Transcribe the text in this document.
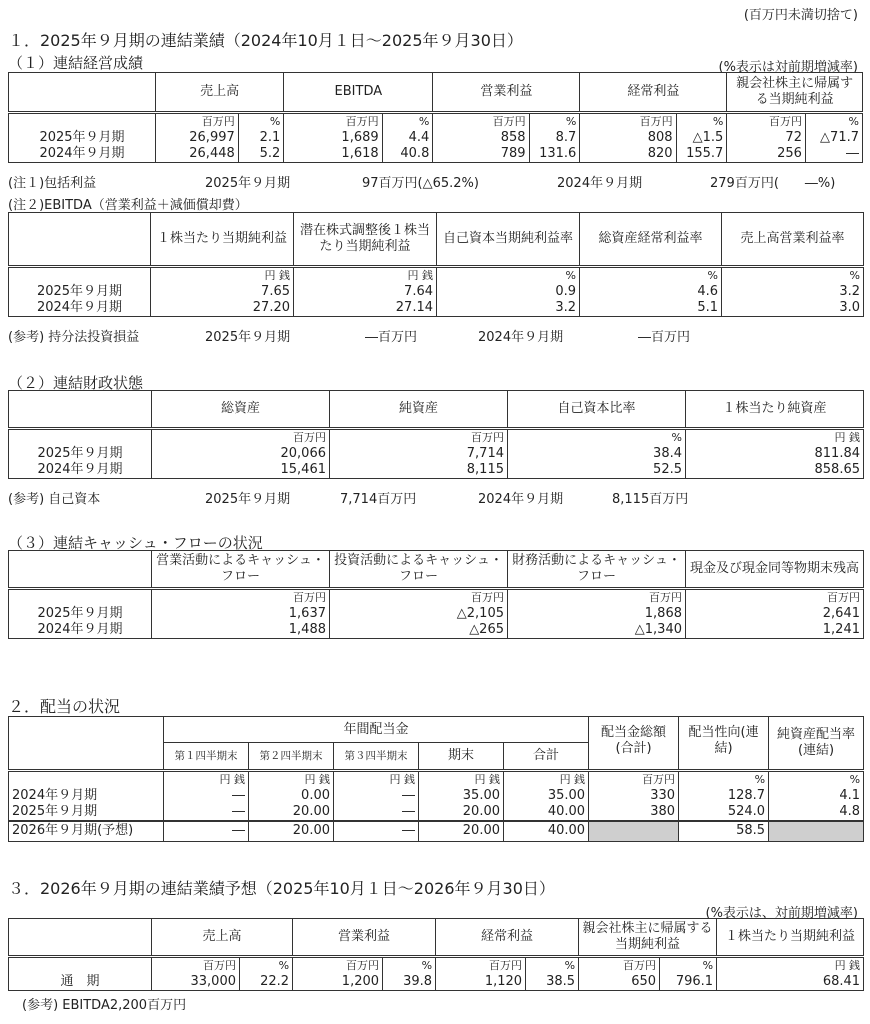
(百万円未満切捨て)
１．2025年９月期の連結業績（2024年10月１日～2025年９月30日）
（１）連結経営成績	(%表示は対前期増減率)
	売上高		EBITDA		営業利益		経常利益		親会社株主に帰属する当期純利益	
	百万円	%	百万円	%	百万円	%	百万円	%	百万円	%
2025年９月期	26,997	2.1	1,689	4.4	858	8.7	808	△1.5	72	△71.7
2024年９月期	26,448	5.2	1,618	40.8	789	131.6	820	155.7	256	―
(注１)包括利益	2025年９月期	97百万円(△65.2%)	2024年９月期	279百万円(　　―%)
(注２)EBITDA（営業利益＋減価償却費）
	１株当たり当期純利益	潜在株式調整後１株当たり当期純利益	自己資本当期純利益率	総資産経常利益率	売上高営業利益率
	円 銭	円 銭	%	%	%
2025年９月期	7.65	7.64	0.9	4.6	3.2
2024年９月期	27.20	27.14	3.2	5.1	3.0
(参考) 持分法投資損益	2025年９月期	―百万円	2024年９月期	―百万円
（２）連結財政状態
	総資産	純資産	自己資本比率	１株当たり純資産
	百万円	百万円	%	円 銭
2025年９月期	20,066	7,714	38.4	811.84
2024年９月期	15,461	8,115	52.5	858.65
(参考) 自己資本	2025年９月期	7,714百万円	2024年９月期	8,115百万円
（３）連結キャッシュ・フローの状況
	営業活動によるキャッシュ・フロー	投資活動によるキャッシュ・フロー	財務活動によるキャッシュ・フロー	現金及び現金同等物期末残高
	百万円	百万円	百万円	百万円
2025年９月期	1,637	△2,105	1,868	2,641
2024年９月期	1,488	△265	△1,340	1,241
２．配当の状況
	年間配当金					配当金総額(合計)	配当性向(連結)	純資産配当率(連結)
	第１四半期末	第２四半期末	第３四半期末	期末	合計			
	円 銭	円 銭	円 銭	円 銭	円 銭	百万円	%	%
2024年９月期	―	0.00	―	35.00	35.00	330	128.7	4.1
2025年９月期	―	20.00	―	20.00	40.00	380	524.0	4.8
2026年９月期(予想)	―	20.00	―	20.00	40.00		58.5	
３．2026年９月期の連結業績予想（2025年10月１日～2026年９月30日）
(%表示は、対前期増減率)
	売上高		営業利益		経常利益		親会社株主に帰属する当期純利益		１株当たり当期純利益
	百万円	%	百万円	%	百万円	%	百万円	%	円 銭
通　期	33,000	22.2	1,200	39.8	1,120	38.5	650	796.1	68.41
(参考) EBITDA2,200百万円
